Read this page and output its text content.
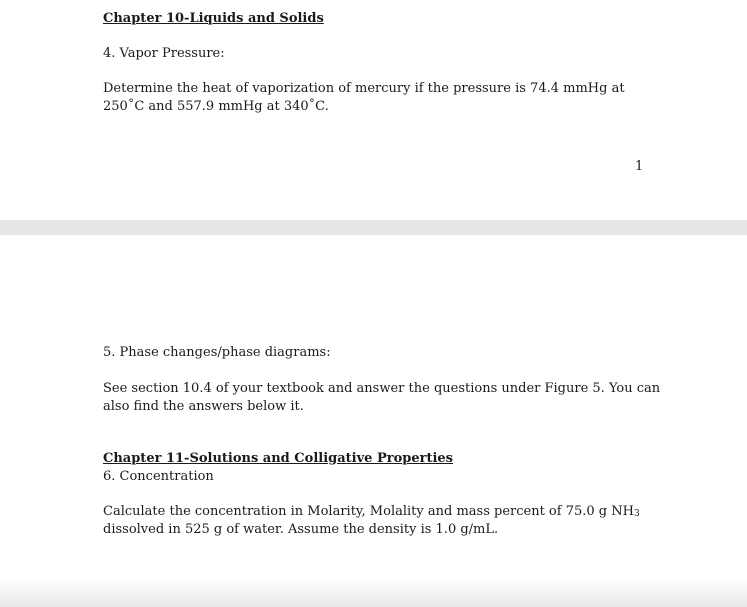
Chapter 10-Liquids and Solids
4. Vapor Pressure:
Determine the heat of vaporization of mercury if the pressure is 74.4 mmHg at
250˚C and 557.9 mmHg at 340˚C.
1
5. Phase changes/phase diagrams:
See section 10.4 of your textbook and answer the questions under Figure 5. You can
also find the answers below it.
Chapter 11-Solutions and Colligative Properties
6. Concentration
Calculate the concentration in Molarity, Molality and mass percent of 75.0 g $NH_3$
dissolved in 525 g of water. Assume the density is 1.0 g/mL.
